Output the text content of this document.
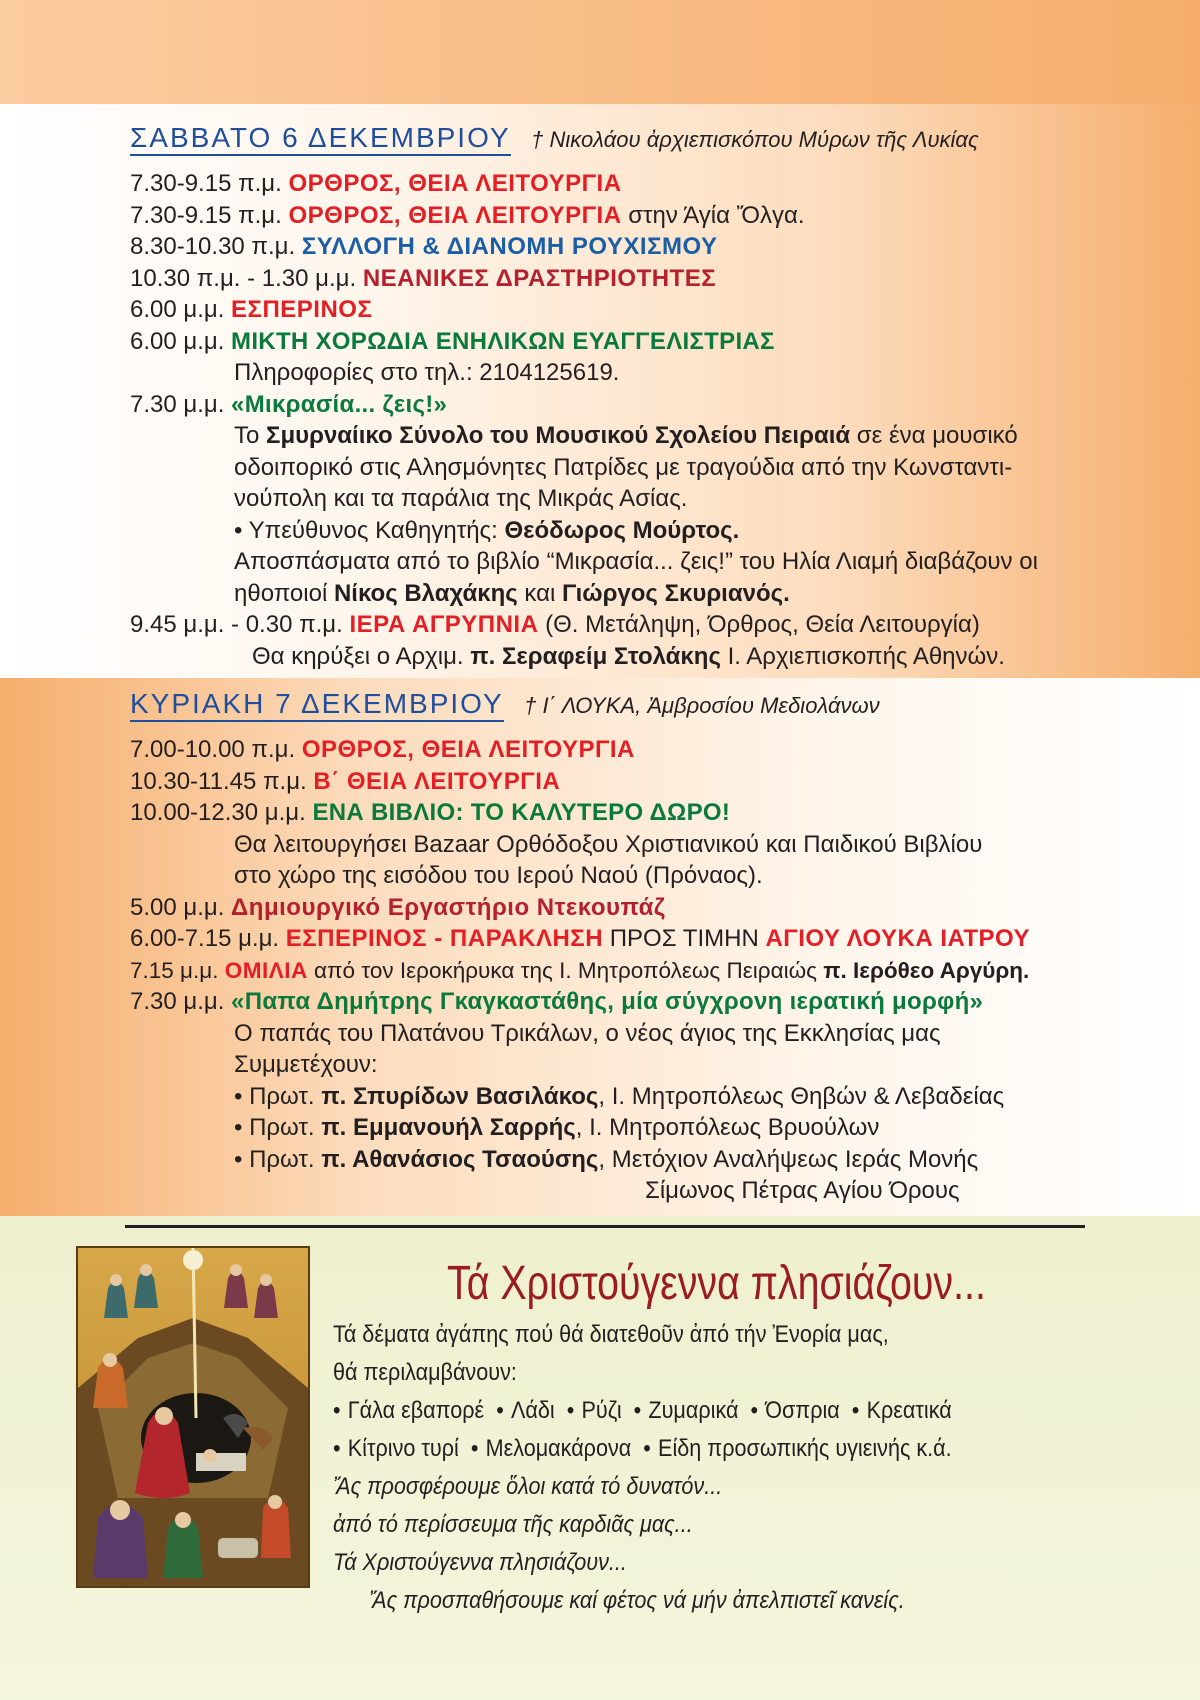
ΣΑΒΒΑΤΟ 6 ΔΕΚΕΜΒΡΙΟΥ † Νικολάου ἀρχιεπισκόπου Μύρων τῆς Λυκίας
7.30-9.15 π.μ. ΟΡΘΡΟΣ, ΘΕΙΑ ΛΕΙΤΟΥΡΓΙΑ
7.30-9.15 π.μ. ΟΡΘΡΟΣ, ΘΕΙΑ ΛΕΙΤΟΥΡΓΙΑ στην Άγία Ὄλγα.
8.30-10.30 π.μ. ΣΥΛΛΟΓΗ & ΔΙΑΝΟΜΗ ΡΟΥΧΙΣΜΟΥ
10.30 π.μ. - 1.30 μ.μ. ΝΕΑΝΙΚΕΣ ΔΡΑΣΤΗΡΙΟΤΗΤΕΣ
6.00 μ.μ. ΕΣΠΕΡΙΝΟΣ
6.00 μ.μ. ΜΙΚΤΗ ΧΟΡΩΔΙΑ ΕΝΗΛΙΚΩΝ ΕΥΑΓΓΕΛΙΣΤΡΙΑΣ
Πληροφορίες στο τηλ.: 2104125619.
7.30 μ.μ. «Μικρασία... ζεις!»
Το Σμυρναίικο Σύνολο του Μουσικού Σχολείου Πειραιά σε ένα μουσικό
οδοιπορικό στις Αλησμόνητες Πατρίδες με τραγούδια από την Κωνσταντι-
νούπολη και τα παράλια της Μικράς Ασίας.
• Υπεύθυνος Καθηγητής: Θεόδωρος Μούρτος.
Αποσπάσματα από το βιβλίο “Μικρασία... ζεις!” του Ηλία Λιαμή διαβάζουν οι
ηθοποιοί Νίκος Βλαχάκης και Γιώργος Σκυριανός.
9.45 μ.μ. - 0.30 π.μ. ΙΕΡΑ ΑΓΡΥΠΝΙΑ (Θ. Μετάληψη, Όρθρος, Θεία Λειτουργία)
Θα κηρύξει ο Αρχιμ. π. Σεραφείμ Στολάκης Ι. Αρχιεπισκοπής Αθηνών.
ΚΥΡΙΑΚΗ 7 ΔΕΚΕΜΒΡΙΟΥ † Ι΄ ΛΟΥΚΑ, Ἀμβροσίου Μεδιολάνων
7.00-10.00 π.μ. ΟΡΘΡΟΣ, ΘΕΙΑ ΛΕΙΤΟΥΡΓΙΑ
10.30-11.45 π.μ. Β΄ ΘΕΙΑ ΛΕΙΤΟΥΡΓΙΑ
10.00-12.30 μ.μ. ΕΝΑ ΒΙΒΛΙΟ: ΤΟ ΚΑΛΥΤΕΡΟ ΔΩΡΟ!
Θα λειτουργήσει Bazaar Ορθόδοξου Χριστιανικού και Παιδικού Βιβλίου
στο χώρο της εισόδου του Ιερού Ναού (Πρόναος).
5.00 μ.μ. Δημιουργικό Εργαστήριο Ντεκουπάζ
6.00-7.15 μ.μ. ΕΣΠΕΡΙΝΟΣ - ΠΑΡΑΚΛΗΣΗ ΠΡΟΣ ΤΙΜΗΝ ΑΓΙΟΥ ΛΟΥΚΑ ΙΑΤΡΟΥ
7.15 μ.μ. ΟΜΙΛΙΑ από τον Ιεροκήρυκα της Ι. Μητροπόλεως Πειραιώς π. Ιερόθεο Αργύρη.
7.30 μ.μ. «Παπα Δημήτρης Γκαγκαστάθης, μία σύγχρονη ιερατική μορφή»
Ο παπάς του Πλατάνου Τρικάλων, ο νέος άγιος της Εκκλησίας μας
Συμμετέχουν:
• Πρωτ. π. Σπυρίδων Βασιλάκος, Ι. Μητροπόλεως Θηβών & Λεβαδείας
• Πρωτ. π. Εμμανουήλ Σαρρής, Ι. Μητροπόλεως Βρυούλων
• Πρωτ. π. Αθανάσιος Τσαούσης, Μετόχιον Αναλήψεως Ιεράς Μονής
Σίμωνος Πέτρας Αγίου Όρους
Τά Χριστούγεννα πλησιάζουν...
Τά δέματα ἀγάπης πού θά διατεθοῦν ἀπό τήν Ἐνορία μας,
θά περιλαμβάνουν:
• Γάλα εβαπορέ  • Λάδι  • Ρύζι  • Ζυμαρικά  • Όσπρια  • Κρεατικά
• Κίτρινο τυρί  • Μελομακάρονα  • Είδη προσωπικής υγιεινής κ.ά.
Ἄς προσφέρουμε ὅλοι κατά τό δυνατόν...
ἀπό τό περίσσευμα τῆς καρδιᾶς μας...
Τά Χριστούγεννα πλησιάζουν...
Ἄς προσπαθήσουμε καί φέτος νά μήν ἀπελπιστεῖ κανείς.
